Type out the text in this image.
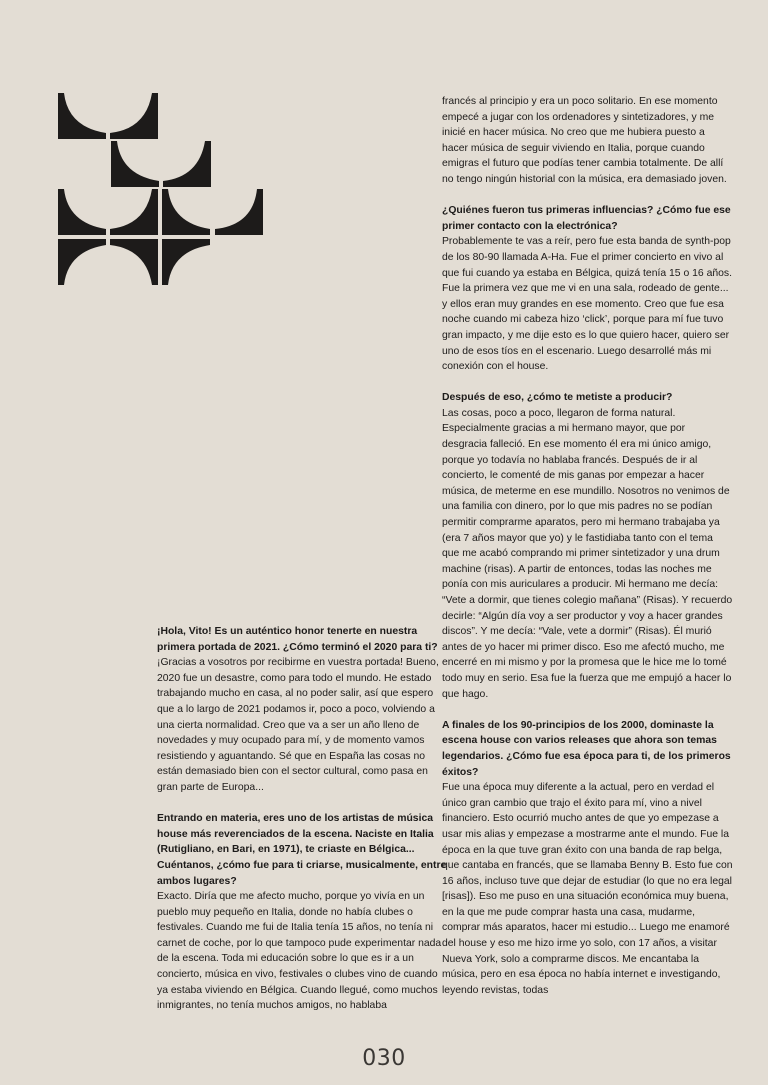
¡Hola, Vito! Es un auténtico honor tenerte en nuestra primera portada de 2021. ¿Cómo terminó el 2020 para ti?

¡Gracias a vosotros por recibirme en vuestra portada! Bueno, 2020 fue un desastre, como para todo el mundo. He estado trabajando mucho en casa, al no poder salir, así que espero que a lo largo de 2021 podamos ir, poco a poco, volviendo a una cierta normalidad. Creo que va a ser un año lleno de novedades y muy ocupado para mí, y de momento vamos resistiendo y aguantando. Sé que en España las cosas no están demasiado bien con el sector cultural, como pasa en gran parte de Europa...

Entrando en materia, eres uno de los artistas de música house más reverenciados de la escena. Naciste en Italia (Rutigliano, en Bari, en 1971), te criaste en Bélgica... Cuéntanos, ¿cómo fue para ti criarse, musicalmente, entre ambos lugares?

Exacto. Diría que me afecto mucho, porque yo vivía en un pueblo muy pequeño en Italia, donde no había clubes o festivales. Cuando me fui de Italia tenía 15 años, no tenía ni carnet de coche, por lo que tampoco pude experimentar nada de la escena. Toda mi educación sobre lo que es ir a un concierto, música en vivo, festivales o clubes vino de cuando ya estaba viviendo en Bélgica. Cuando llegué, como muchos inmigrantes, no tenía muchos amigos, no hablaba

francés al principio y era un poco solitario. En ese momento empecé a jugar con los ordenadores y sintetizadores, y me inicié en hacer música. No creo que me hubiera puesto a hacer música de seguir viviendo en Italia, porque cuando emigras el futuro que podías tener cambia totalmente. De allí no tengo ningún historial con la música, era demasiado joven.

¿Quiénes fueron tus primeras influencias? ¿Cómo fue ese primer contacto con la electrónica?

Probablemente te vas a reír, pero fue esta banda de synth-pop de los 80-90 llamada A-Ha. Fue el primer concierto en vivo al que fui cuando ya estaba en Bélgica, quizá tenía 15 o 16 años. Fue la primera vez que me vi en una sala, rodeado de gente... y ellos eran muy grandes en ese momento. Creo que fue esa noche cuando mi cabeza hizo ‘click’, porque para mí fue tuvo gran impacto, y me dije esto es lo que quiero hacer, quiero ser uno de esos tíos en el escenario. Luego desarrollé más mi conexión con el house.

Después de eso, ¿cómo te metiste a producir?

Las cosas, poco a poco, llegaron de forma natural. Especialmente gracias a mi hermano mayor, que por desgracia falleció. En ese momento él era mi único amigo, porque yo todavía no hablaba francés. Después de ir al concierto, le comenté de mis ganas por empezar a hacer música, de meterme en ese mundillo. Nosotros no venimos de una familia con dinero, por lo que mis padres no se podían permitir comprarme aparatos, pero mi hermano trabajaba ya (era 7 años mayor que yo) y le fastidiaba tanto con el tema que me acabó comprando mi primer sintetizador y una drum machine (risas). A partir de entonces, todas las noches me ponía con mis auriculares a producir. Mi hermano me decía: “Vete a dormir, que tienes colegio mañana” (Risas). Y recuerdo decirle: “Algún día voy a ser productor y voy a hacer grandes discos”. Y me decía: “Vale, vete a dormir” (Risas). Él murió antes de yo hacer mi primer disco. Eso me afectó mucho, me encerré en mi mismo y por la promesa que le hice me lo tomé todo muy en serio. Esa fue la fuerza que me empujó a hacer lo que hago.

A finales de los 90-principios de los 2000, dominaste la escena house con varios releases que ahora son temas legendarios. ¿Cómo fue esa época para ti, de los primeros éxitos?

Fue una época muy diferente a la actual, pero en verdad el único gran cambio que trajo el éxito para mí, vino a nivel financiero. Esto ocurrió mucho antes de que yo empezase a usar mis alias y empezase a mostrarme ante el mundo. Fue la época en la que tuve gran éxito con una banda de rap belga, que cantaba en francés, que se llamaba Benny B. Esto fue con 16 años, incluso tuve que dejar de estudiar (lo que no era legal [risas]). Eso me puso en una situación económica muy buena, en la que me pude comprar hasta una casa, mudarme, comprar más aparatos, hacer mi estudio... Luego me enamoré del house y eso me hizo irme yo solo, con 17 años, a visitar Nueva York, solo a comprarme discos. Me encantaba la música, pero en esa época no había internet e investigando, leyendo revistas, todas

030
